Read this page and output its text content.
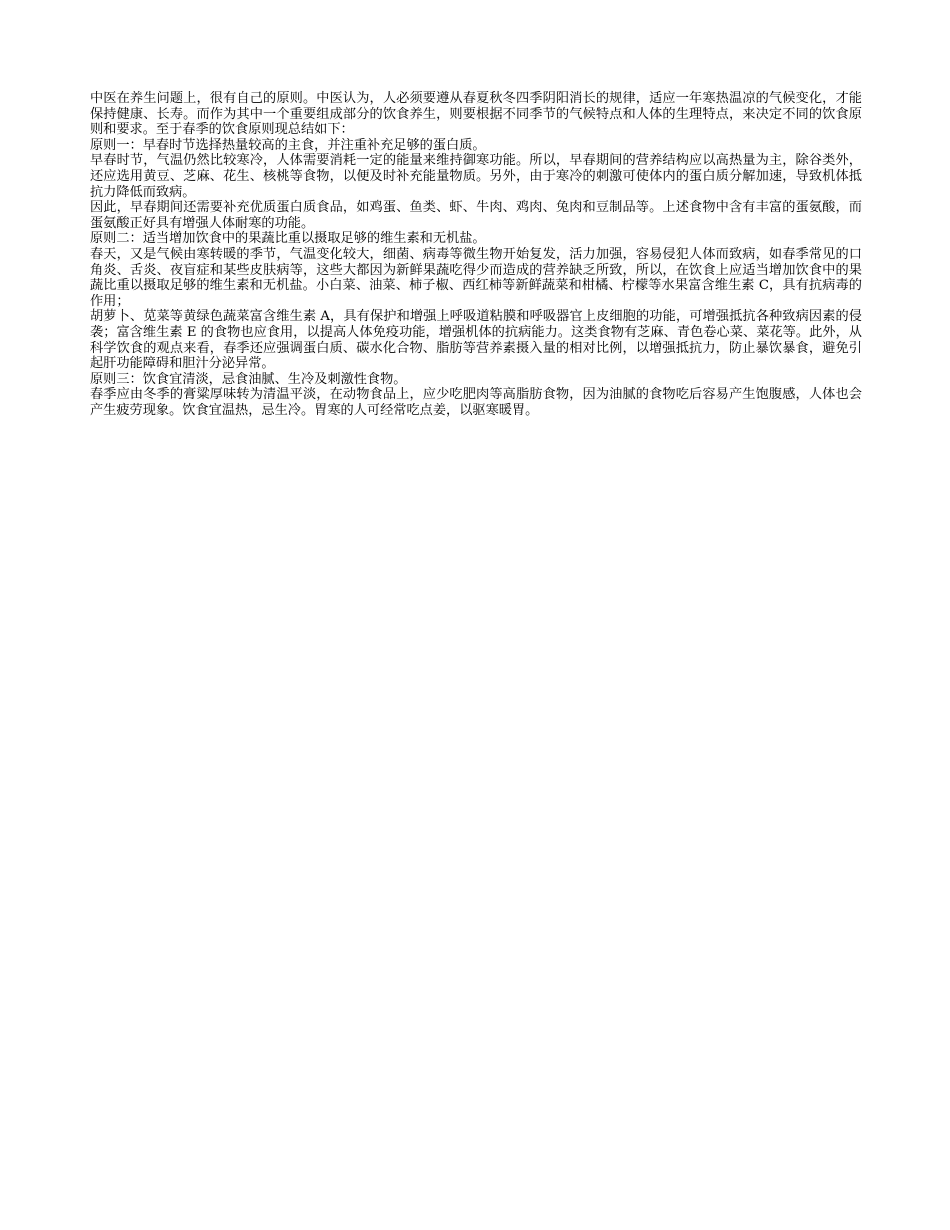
中医在养生问题上，很有自己的原则。中医认为，人必须要遵从春夏秋冬四季阴阳消长的规律，适应一年寒热温凉的气候变化，才能保持健康、长寿。而作为其中一个重要组成部分的饮食养生，则要根据不同季节的气候特点和人体的生理特点，来决定不同的饮食原则和要求。至于春季的饮食原则现总结如下：

原则一：早春时节选择热量较高的主食，并注重补充足够的蛋白质。

早春时节，气温仍然比较寒冷，人体需要消耗一定的能量来维持御寒功能。所以，早春期间的营养结构应以高热量为主，除谷类外，还应选用黄豆、芝麻、花生、核桃等食物，以便及时补充能量物质。另外，由于寒冷的刺激可使体内的蛋白质分解加速，导致机体抵抗力降低而致病。

因此，早春期间还需要补充优质蛋白质食品，如鸡蛋、鱼类、虾、牛肉、鸡肉、兔肉和豆制品等。上述食物中含有丰富的蛋氨酸，而蛋氨酸正好具有增强人体耐寒的功能。

原则二：适当增加饮食中的果蔬比重以摄取足够的维生素和无机盐。

春天，又是气候由寒转暖的季节，气温变化较大，细菌、病毒等微生物开始复发，活力加强，容易侵犯人体而致病，如春季常见的口角炎、舌炎、夜盲症和某些皮肤病等，这些大都因为新鲜果蔬吃得少而造成的营养缺乏所致，所以，在饮食上应适当增加饮食中的果蔬比重以摄取足够的维生素和无机盐。小白菜、油菜、柿子椒、西红柿等新鲜蔬菜和柑橘、柠檬等水果富含维生素 C，具有抗病毒的作用；

胡萝卜、苋菜等黄绿色蔬菜富含维生素 A，具有保护和增强上呼吸道粘膜和呼吸器官上皮细胞的功能，可增强抵抗各种致病因素的侵袭；富含维生素 E 的食物也应食用，以提高人体免疫功能，增强机体的抗病能力。这类食物有芝麻、青色卷心菜、菜花等。此外，从科学饮食的观点来看，春季还应强调蛋白质、碳水化合物、脂肪等营养素摄入量的相对比例，以增强抵抗力，防止暴饮暴食，避免引起肝功能障碍和胆汁分泌异常。

原则三：饮食宜清淡，忌食油腻、生冷及刺激性食物。

春季应由冬季的膏粱厚味转为清温平淡，在动物食品上，应少吃肥肉等高脂肪食物，因为油腻的食物吃后容易产生饱腹感，人体也会产生疲劳现象。饮食宜温热，忌生冷。胃寒的人可经常吃点姜，以驱寒暖胃。
